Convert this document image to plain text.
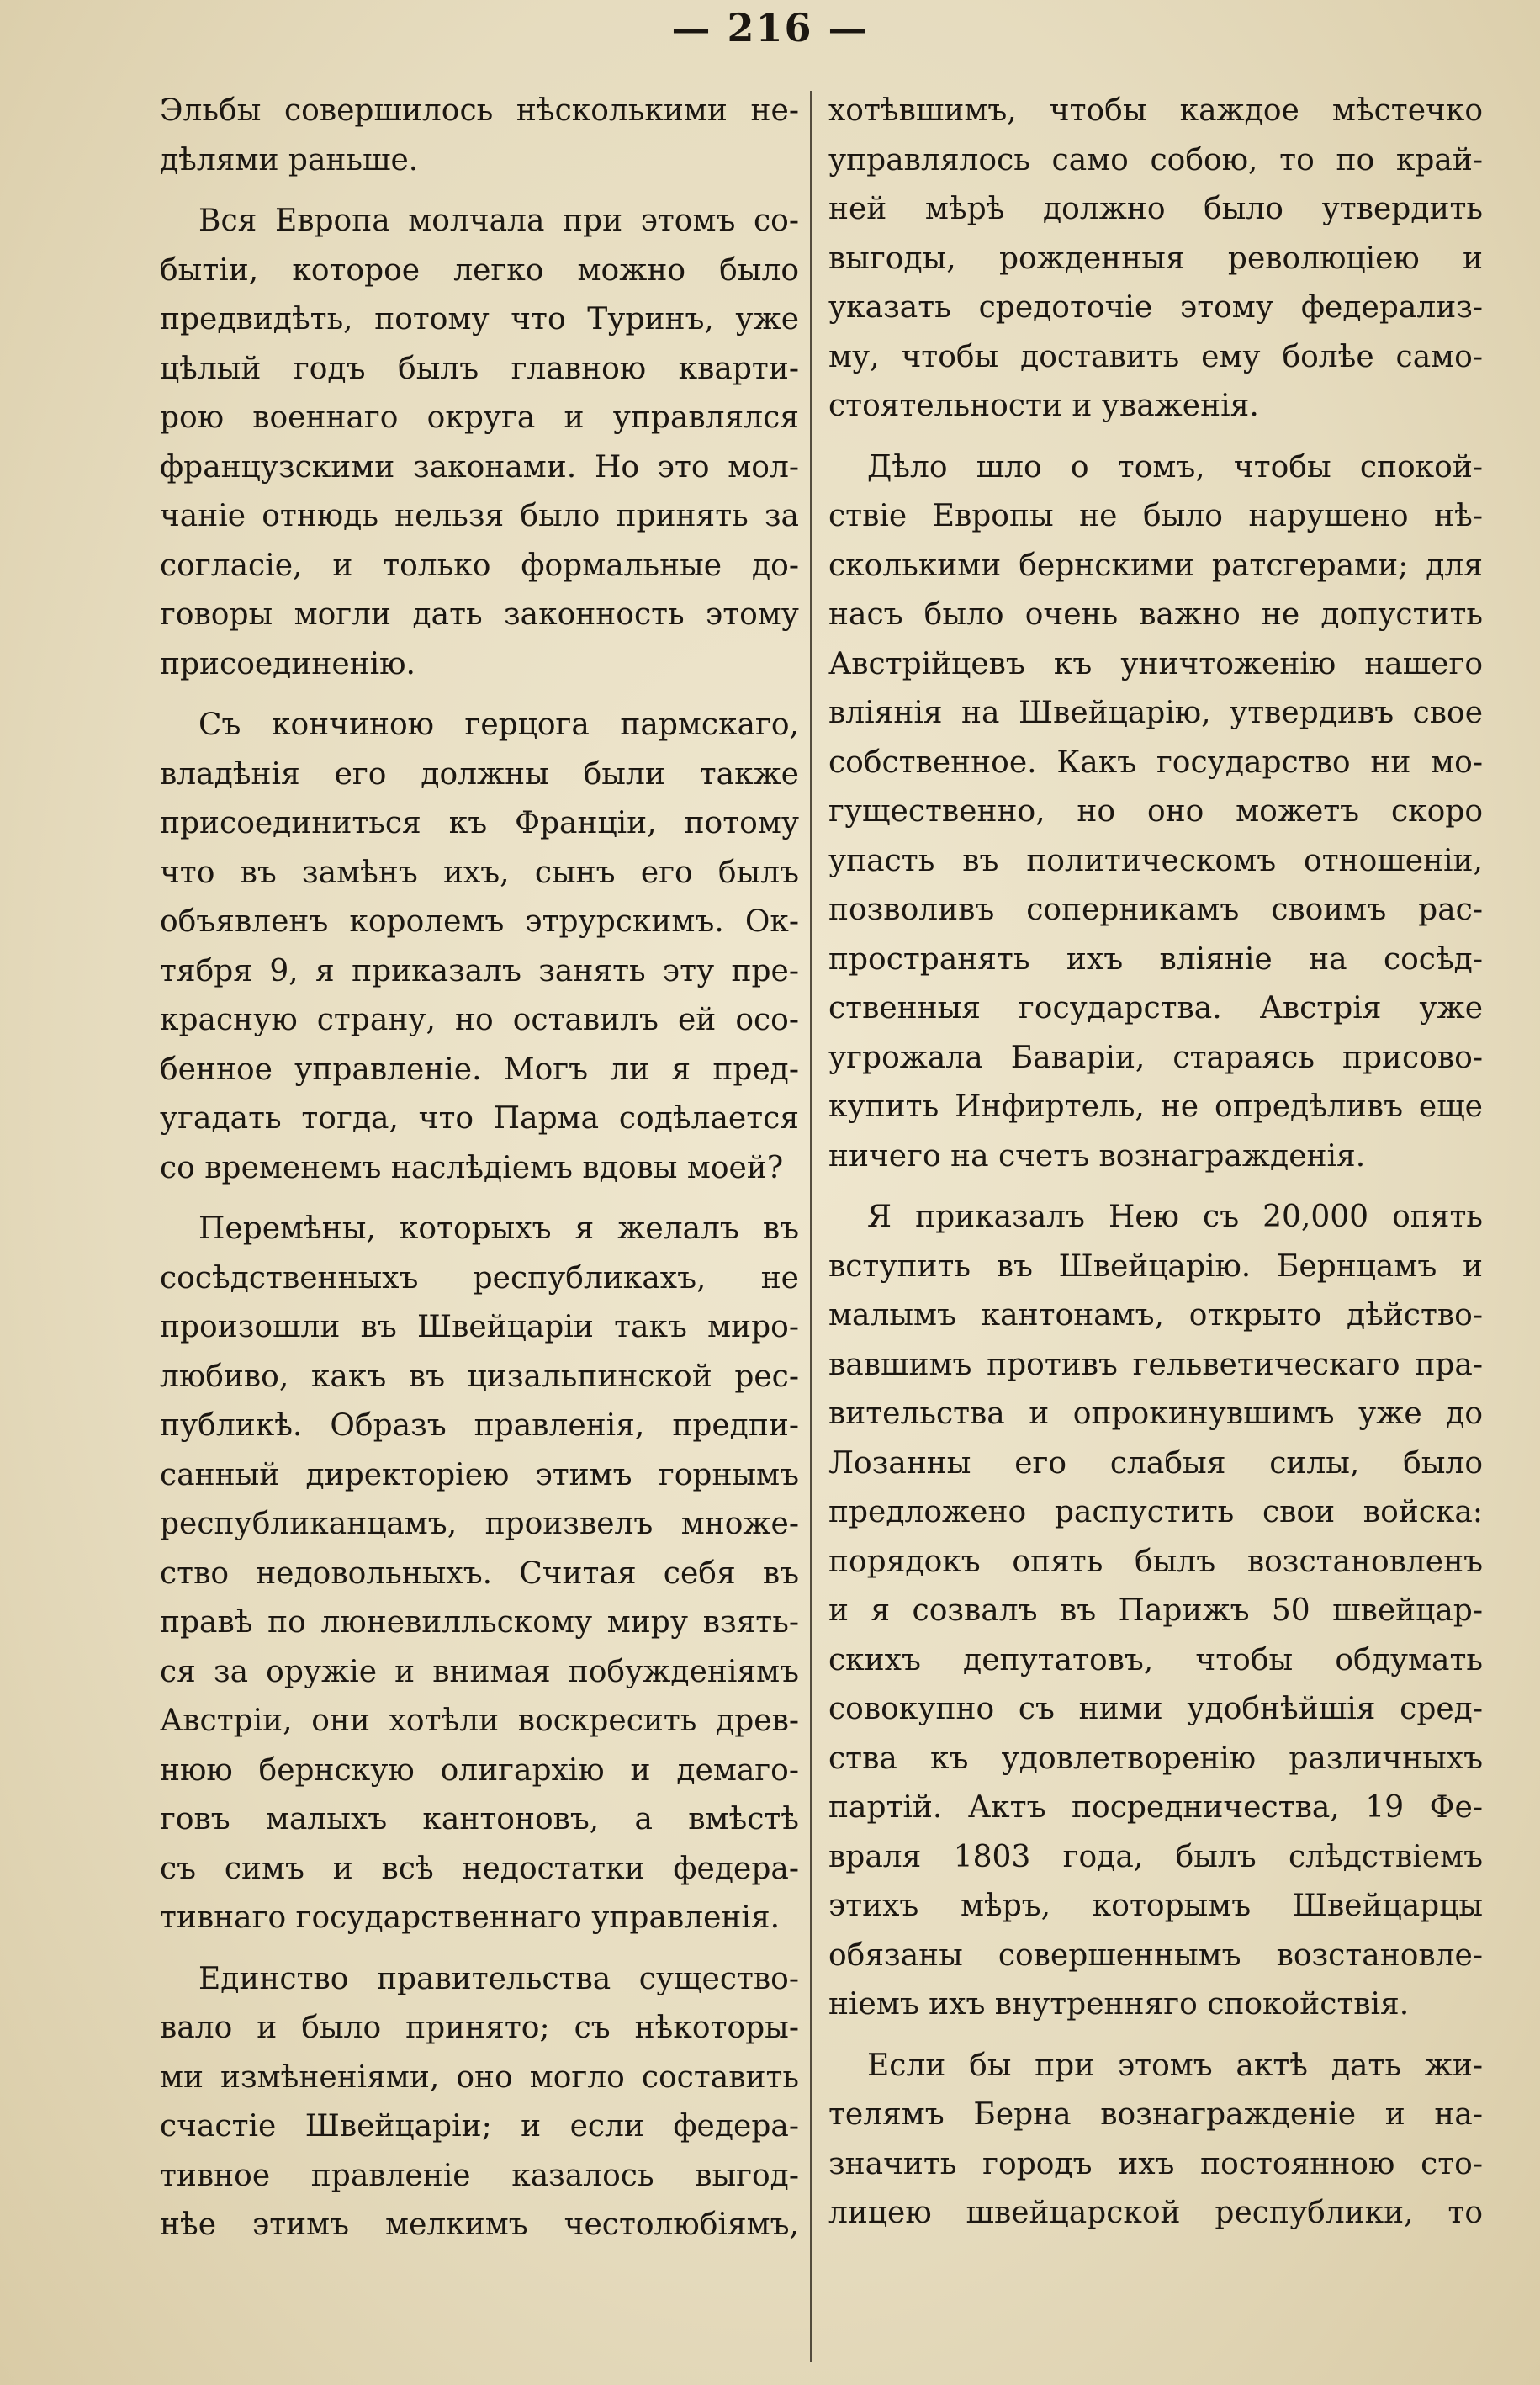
— 216 —
Эльбы совершилось нѣсколькими не-
дѣлями раньше.
Вся Европа молчала при этомъ со-
бытіи, которое легко можно было
предвидѣть, потому что Туринъ, уже
цѣлый годъ былъ главною кварти-
рою военнаго округа и управлялся
французскими законами. Но это мол-
чаніе отнюдь нельзя было принять за
согласіе, и только формальные до-
говоры могли дать законность этому
присоединенію.
Съ кончиною герцога пармскаго,
владѣнія его должны были также
присоединиться къ Франціи, потому
что въ замѣнъ ихъ, сынъ его былъ
объявленъ королемъ этрурскимъ. Ок-
тября 9, я приказалъ занять эту пре-
красную страну, но оставилъ ей осо-
бенное управленіе. Могъ ли я пред-
угадать тогда, что Парма содѣлается
со временемъ наслѣдіемъ вдовы моей?
Перемѣны, которыхъ я желалъ въ
сосѣдственныхъ республикахъ, не
произошли въ Швейцаріи такъ миро-
любиво, какъ въ цизальпинской рес-
публикѣ. Образъ правленія, предпи-
санный директоріею этимъ горнымъ
республиканцамъ, произвелъ множе-
ство недовольныхъ. Считая себя въ
правѣ по люневилльскому миру взять-
ся за оружіе и внимая побужденіямъ
Австріи, они хотѣли воскресить древ-
нюю бернскую олигархію и демаго-
говъ малыхъ кантоновъ, а вмѣстѣ
съ симъ и всѣ недостатки федера-
тивнаго государственнаго управленія.
Единство правительства существо-
вало и было принято; съ нѣкоторы-
ми измѣненіями, оно могло составить
счастіе Швейцаріи; и если федера-
тивное правленіе казалось выгод-
нѣе этимъ мелкимъ честолюбіямъ,
хотѣвшимъ, чтобы каждое мѣстечко
управлялось само собою, то по край-
ней мѣрѣ должно было утвердить
выгоды, рожденныя революціею и
указать средоточіе этому федерализ-
му, чтобы доставить ему болѣе само-
стоятельности и уваженія.
Дѣло шло о томъ, чтобы спокой-
ствіе Европы не было нарушено нѣ-
сколькими бернскими ратсгерами; для
насъ было очень важно не допустить
Австрійцевъ къ уничтоженію нашего
вліянія на Швейцарію, утвердивъ свое
собственное. Какъ государство ни мо-
гущественно, но оно можетъ скоро
упасть въ политическомъ отношеніи,
позволивъ соперникамъ своимъ рас-
пространять ихъ вліяніе на сосѣд-
ственныя государства. Австрія уже
угрожала Баваріи, стараясь присово-
купить Инфиртель, не опредѣливъ еще
ничего на счетъ вознагражденія.
Я приказалъ Нею съ 20,000 опять
вступить въ Швейцарію. Бернцамъ и
малымъ кантонамъ, открыто дѣйство-
вавшимъ противъ гельветическаго пра-
вительства и опрокинувшимъ уже до
Лозанны его слабыя силы, было
предложено распустить свои войска:
порядокъ опять былъ возстановленъ
и я созвалъ въ Парижъ 50 швейцар-
скихъ депутатовъ, чтобы обдумать
совокупно съ ними удобнѣйшія сред-
ства къ удовлетворенію различныхъ
партій. Актъ посредничества, 19 Фе-
враля 1803 года, былъ слѣдствіемъ
этихъ мѣръ, которымъ Швейцарцы
обязаны совершеннымъ возстановле-
ніемъ ихъ внутренняго спокойствія.
Если бы при этомъ актѣ дать жи-
телямъ Берна вознагражденіе и на-
значить городъ ихъ постоянною сто-
лицею швейцарской республики, то
